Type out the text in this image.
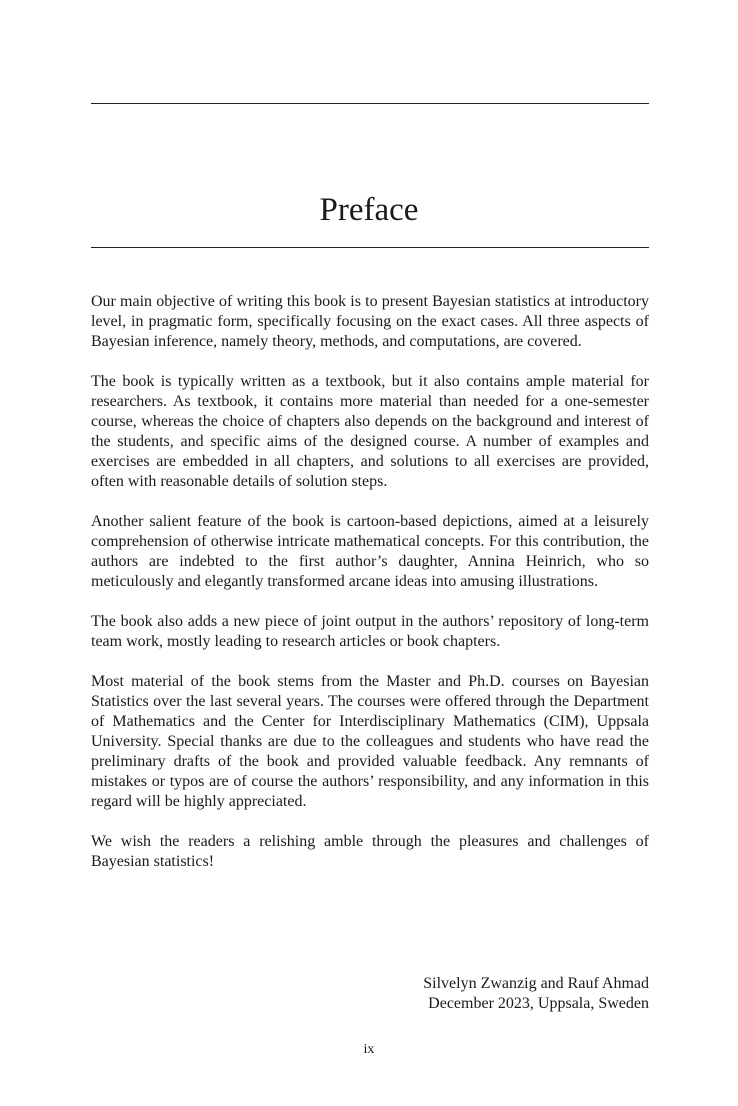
Preface

Our main objective of writing this book is to present Bayesian statistics at introductory level, in pragmatic form, specifically focusing on the exact cases. All three aspects of Bayesian inference, namely theory, methods, and computations, are covered.

The book is typically written as a textbook, but it also contains ample material for researchers. As textbook, it contains more material than needed for a one-semester course, whereas the choice of chapters also depends on the background and interest of the students, and specific aims of the designed course. A number of examples and exercises are embedded in all chapters, and solutions to all exercises are provided, often with reasonable details of solution steps.

Another salient feature of the book is cartoon-based depictions, aimed at a leisurely comprehension of otherwise intricate mathematical concepts. For this contribution, the authors are indebted to the first author’s daughter, Annina Heinrich, who so meticulously and elegantly transformed arcane ideas into amusing illustrations.

The book also adds a new piece of joint output in the authors’ repository of long-term team work, mostly leading to research articles or book chapters.

Most material of the book stems from the Master and Ph.D. courses on Bayesian Statistics over the last several years. The courses were offered through the Department of Mathematics and the Center for Interdisciplinary Mathematics (CIM), Uppsala University. Special thanks are due to the colleagues and students who have read the preliminary drafts of the book and provided valuable feedback. Any remnants of mistakes or typos are of course the authors’ responsibility, and any information in this regard will be highly appreciated.

We wish the readers a relishing amble through the pleasures and challenges of Bayesian statistics!

Silvelyn Zwanzig and Rauf Ahmad
December 2023, Uppsala, Sweden
ix
